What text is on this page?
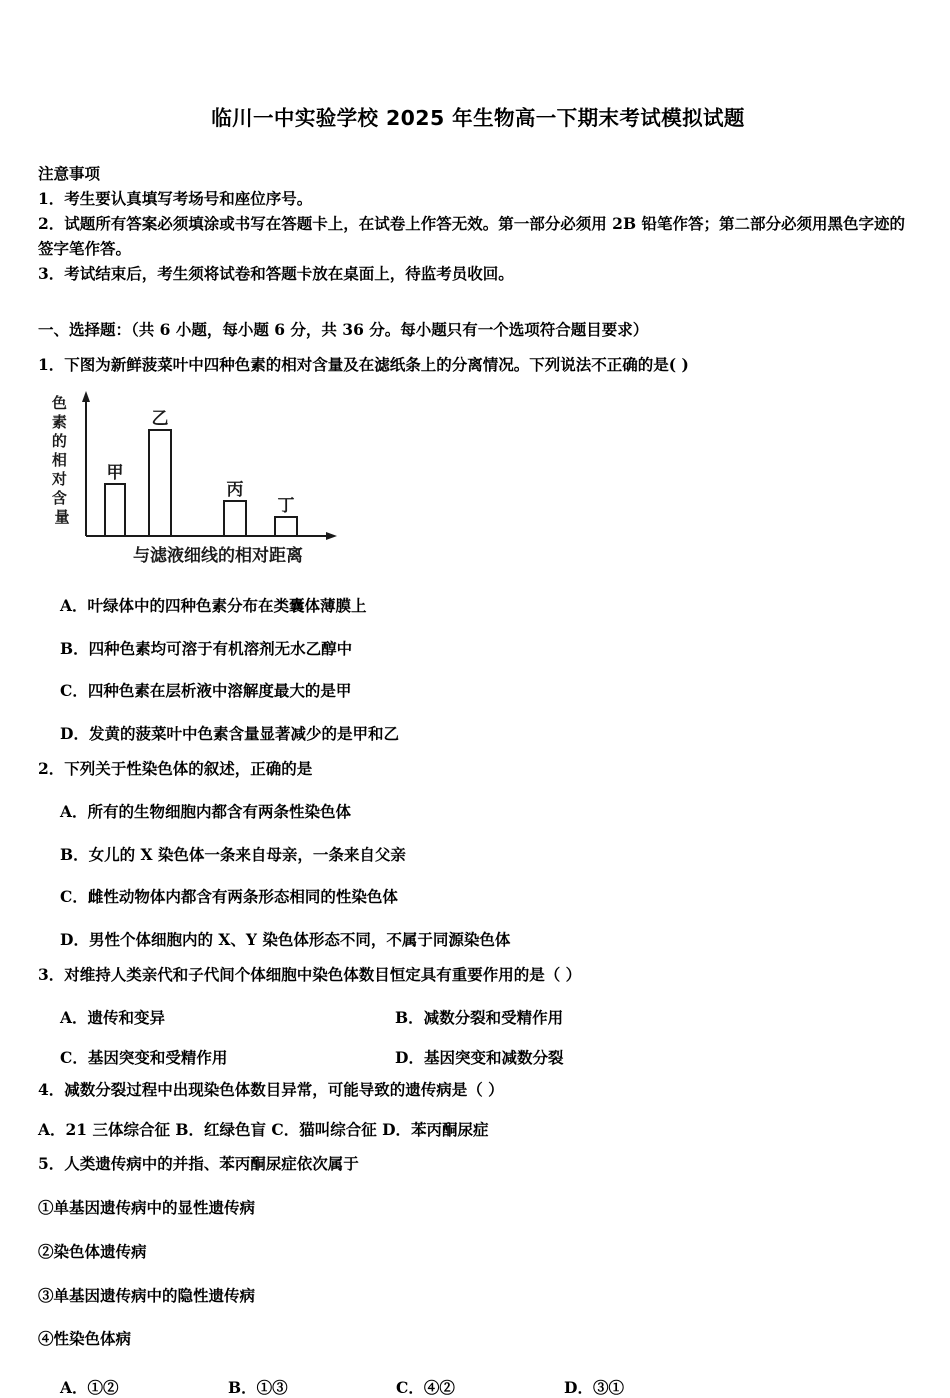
临川一中实验学校 2025 年生物高一下期末考试模拟试题
注意事项
1．考生要认真填写考场号和座位序号。
2．试题所有答案必须填涂或书写在答题卡上，在试卷上作答无效。第一部分必须用 2B 铅笔作答；第二部分必须用黑色字迹的签字笔作答。
3．考试结束后，考生须将试卷和答题卡放在桌面上，待监考员收回。
一、选择题：（共 6 小题，每小题 6 分，共 36 分。每小题只有一个选项符合题目要求）
1．下图为新鲜菠菜叶中四种色素的相对含量及在滤纸条上的分离情况。下列说法不正确的是( )
甲
乙
丙
丁
色 素 的 相 对 含 量
与滤液细线的相对距离
A．叶绿体中的四种色素分布在类囊体薄膜上
B．四种色素均可溶于有机溶剂无水乙醇中
C．四种色素在层析液中溶解度最大的是甲
D．发黄的菠菜叶中色素含量显著减少的是甲和乙
2．下列关于性染色体的叙述，正确的是
A．所有的生物细胞内都含有两条性染色体
B．女儿的 X 染色体一条来自母亲，一条来自父亲
C．雌性动物体内都含有两条形态相同的性染色体
D．男性个体细胞内的 X、Y 染色体形态不同，不属于同源染色体
3．对维持人类亲代和子代间个体细胞中染色体数目恒定具有重要作用的是（ ）
A．遗传和变异	B．减数分裂和受精作用
C．基因突变和受精作用	D．基因突变和减数分裂
4．减数分裂过程中出现染色体数目异常，可能导致的遗传病是（ ）
A．21 三体综合征 B．红绿色盲 C．猫叫综合征 D．苯丙酮尿症
5．人类遗传病中的并指、苯丙酮尿症依次属于
①单基因遗传病中的显性遗传病
②染色体遗传病
③单基因遗传病中的隐性遗传病
④性染色体病
A．①②	B．①③	C．④②	D．③①
